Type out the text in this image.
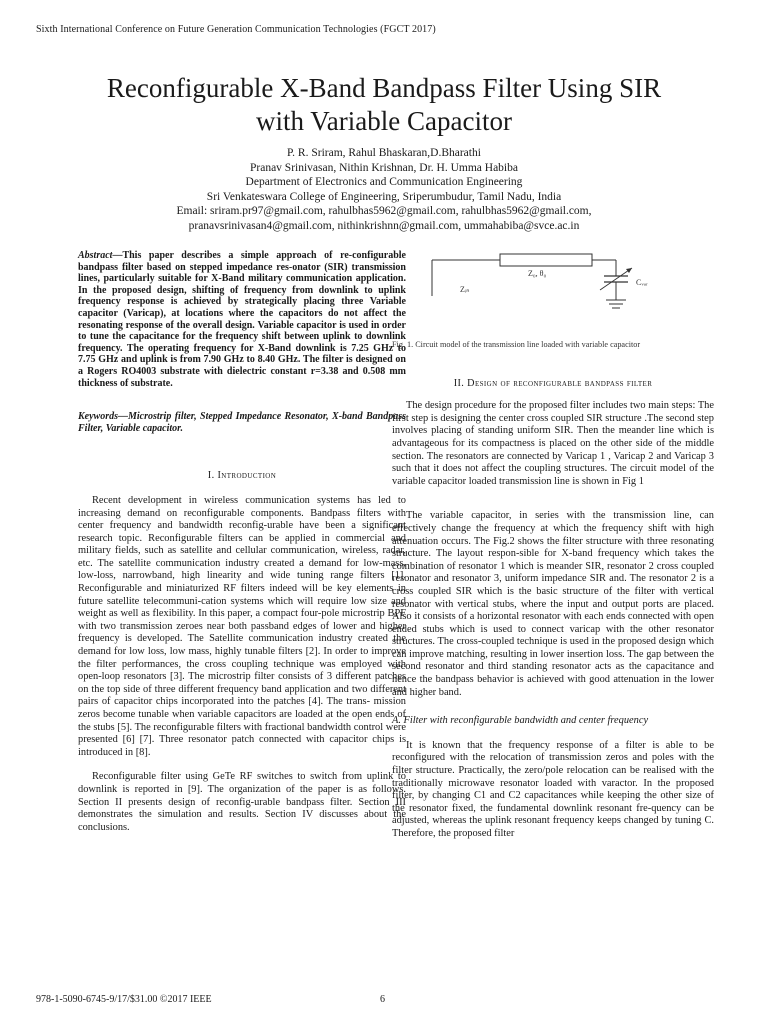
Sixth International Conference on Future Generation Communication Technologies (FGCT 2017)
Reconfigurable X-Band Bandpass Filter Using SIR
with Variable Capacitor
P. R. Sriram, Rahul Bhaskaran,D.Bharathi
Pranav Srinivasan, Nithin Krishnan, Dr. H. Umma Habiba
Department of Electronics and Communication Engineering
Sri Venkateswara College of Engineering, Sriperumbudur, Tamil Nadu, India
Email: sriram.pr97@gmail.com, rahulbhas5962@gmail.com, rahulbhas5962@gmail.com,
pranavsrinivasan4@gmail.com, nithinkrishnn@gmail.com, ummahabiba@svce.ac.in

Abstract—This paper describes a simple approach of re-configurable bandpass filter based on stepped impedance res-onator (SIR) transmission lines, particularly suitable for X-Band military communication application. In the proposed design, shifting of frequency from downlink to uplink frequency response is achieved by strategically placing three Variable capacitor (Varicap), at locations where the capacitors do not affect the resonating response of the overall design. Variable capacitor is used in order to tune the capacitance for the frequency shift between uplink to downlink frequency. The operating frequency for X-Band downlink is 7.25 GHz to 7.75 GHz and uplink is from 7.90 GHz to 8.40 GHz. The filter is designed on a Rogers RO4003 substrate with dielectric constant r=3.38 and 0.508 mm thickness of substrate.

Keywords—Microstrip filter, Stepped Impedance Resonator, X-band Bandpass Filter, Variable capacitor.

I. Introduction

Recent development in wireless communication systems has led to increasing demand on reconfigurable components. Bandpass filters with center frequency and bandwidth reconfig-urable have been a significant research topic. Reconfigurable filters can be applied in commercial and military fields, such as satellite and cellular communication, wireless, radar, etc. The satellite communication industry created a demand for low-mass, low-loss, narrowband, high linearity and wide tuning range filters [1]. Reconfigurable and miniaturized RF filters indeed will be key elements in future satellite telecommuni-cation systems which will require low size and weight as well as flexibility. In this paper, a compact four-pole microstrip BPF with two transmission zeroes near both passband edges of lower and higher frequency is developed. The Satellite communication industry created the demand for low loss, low mass, highly tunable filters [2]. In order to improve the filter performances, the cross coupling technique was employed with open-loop resonators [3]. The microstrip filter consists of 3 different patches on the top side of three different frequency band application and two different pairs of capacitor chips incorporated into the patches [4]. The trans- mission zeros become tunable when variable capacitors are loaded at the open ends of the stubs [5]. The reconfigurable filters with fractional bandwidth control were presented [6] [7]. Three resonator patch connected with capacitor chips is introduced in [8].

Reconfigurable filter using GeTe RF switches to switch from uplink to downlink is reported in [9]. The organization of the paper is as follows. Section II presents design of reconfig-urable bandpass filter. Section III demonstrates the simulation and results. Section IV discusses about the conclusions.

Z₀, θ₀
Zᵢₙ
Cᵥₐᵣ
Fig. 1. Circuit model of the transmission line loaded with variable capacitor
II. Design of reconfigurable bandpass filter

The design procedure for the proposed filter includes two main steps: The first step is designing the center cross coupled SIR structure .The second step involves placing of standing uniform SIR. Then the meander line which is advantageous for its compactness is placed on the other side of the middle section. The resonators are connected by Varicap 1 , Varicap 2 and Varicap 3 such that it does not affect the coupling structures. The circuit model of the variable capacitor loaded transmission line is shown in Fig 1

The variable capacitor, in series with the transmission line, can effectively change the frequency at which the frequency shift with high attenuation occurs. The Fig.2 shows the filter structure with three resonating structure. The layout respon-sible for X-band frequency which takes the combination of resonator 1 which is meander SIR, resonator 2 cross coupled resonator and resonator 3, uniform impedance SIR and. The resonator 2 is a cross coupled SIR which is the basic structure of the filter with vertical resonator with vertical stubs, where the input and output ports are placed. Also it consists of a horizontal resonator with each ends connected with open ended stubs which is used to connect varicap with the other resonator structures. The cross-coupled technique is used in the proposed design which can improve matching, resulting in lower insertion loss. The gap between the second resonator and third standing resonator acts as the capacitance and hence the bandpass behavior is achieved with good attenuation in the lower and higher band.

A. Filter with reconfigurable bandwidth and center frequency

It is known that the frequency response of a filter is able to be reconfigured with the relocation of transmission zeros and poles with the filter structure. Practically, the zero/pole relocation can be realised with the traditionally microwave resonator loaded with varactor. In the proposed filter, by changing C1 and C2 capacitances while keeping the other size of the resonator fixed, the fundamental downlink resonant fre-quency can be adjusted, whereas the uplink resonant frequency keeps changed by tuning C. Therefore, the proposed filter

978-1-5090-6745-9/17/$31.00 ©2017 IEEE	6
